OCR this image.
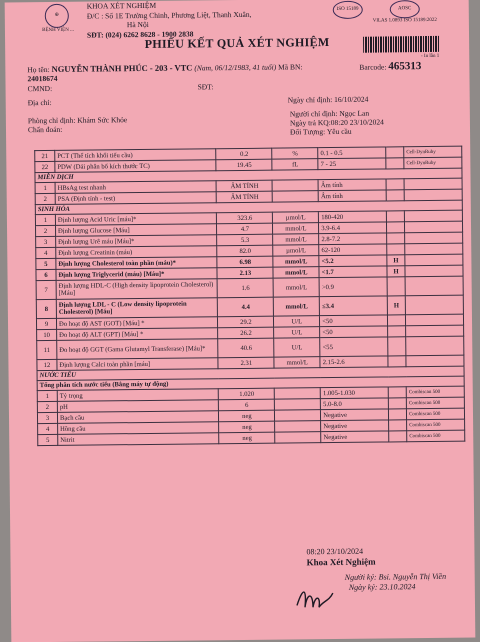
⊕
BỆNH VIỆN ...
KHOA XÉT NGHIỆM
Đ/C : Số 1E Trường Chinh, Phương Liệt, Thanh Xuân,
Hà Nội
SĐT: (024) 6262 8628 - 1900 2838
ISO 15189	AOSC
VILAS 1.0893 ISO 15189:2022
PHIẾU KẾT QUẢ XÉT NGHIỆM
- In lần 1
Họ tên: NGUYỄN THÀNH PHÚC - 203 - VTC (Nam, 06/12/1983, 41 tuổi) Mã BN:	Barcode: 465313
24018674
CMND:	SĐT:
Địa chỉ:	Ngày chỉ định: 16/10/2024
Phòng chỉ định: Khám Sức Khỏe
Chẩn đoán:
Người chỉ định: Ngọc Lan
Ngày trả KQ:08:20 23/10/2024
Đối Tượng: Yêu cầu
21	PCT (Thể tích khối tiểu cầu)	0.2	%	0.1 - 0.5		Cell-DynRuby
22	PDW (Dải phân bố kích thước TC)	19.45	fL	7 - 25		Cell-DynRuby
MIỄN DỊCH						
1	HBsAg test nhanh	ÂM TÍNH		Âm tính		
2	PSA (Định tính - test)	ÂM TÍNH		Âm tính		
SINH HÓA						
1	Định lượng Acid Uric [máu]*	323.6	µmol/L	180-420		
2	Định lượng Glucose [Máu]	4.7	mmol/L	3.9-6.4		
3	Định lượng Urê máu [Máu]*	5.3	mmol/L	2.8-7.2		
4	Định lượng Creatinin (máu)	82.0	µmol/L	62-120		
5	Định lượng Cholesterol toàn phần (máu)*	6.98	mmol/L	<5.2	H	
6	Định lượng Triglycerid (máu) [Máu]*	2.13	mmol/L	<1.7	H	
7	Định lượng HDL-C (High density lipoprotein Cholesterol) [Máu]	1.6	mmol/L	>0.9		
8	Định lượng LDL - C (Low density lipoprotein Cholesterol) [Máu]	4.4	mmol/L	≤3.4	H	
9	Đo hoạt độ AST (GOT) [Máu] *	29.2	U/L	<50		
10	Đo hoạt độ ALT (GPT) [Máu] *	26.2	U/L	<50		
11	Đo hoạt độ GGT (Gama Glutamyl Transferase) [Máu]*	40.6	U/L	<55		
12	Định lượng Calci toàn phần [máu]	2.31	mmol/L	2.15-2.6		
NƯỚC TIỂU						
Tổng phân tích nước tiểu (Bằng máy tự động)						
1	Tỷ trọng	1.020		1.005-1.030		Combiscan 500
2	pH	6		5.0-8.0		Combiscan 500
3	Bạch cầu	neg		Negative		Combiscan 500
4	Hồng cầu	neg		Negative		Combiscan 500
5	Nitrit	neg		Negative		Combiscan 500
08:20 23/10/2024
Khoa Xét Nghiệm
Người ký: Bsi. Nguyễn Thị Viền
Ngày ký: 23.10.2024
